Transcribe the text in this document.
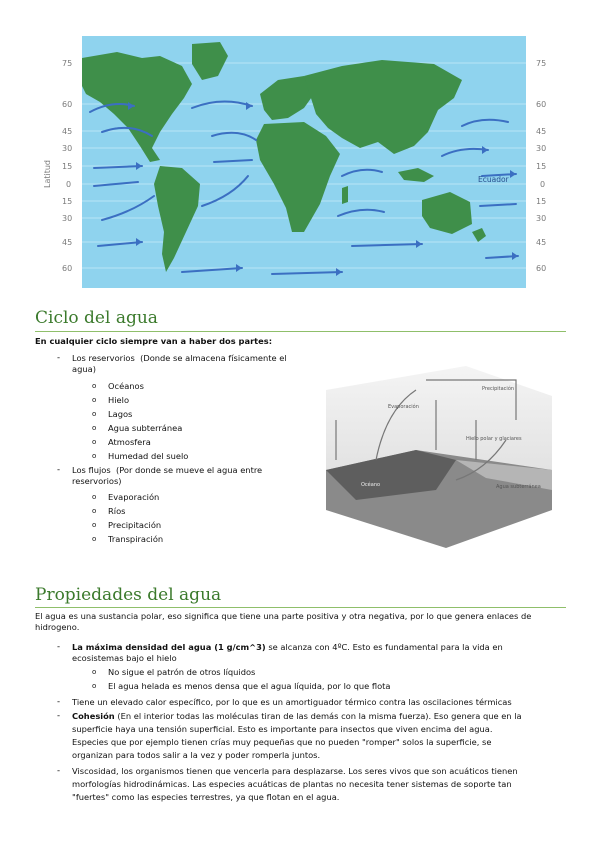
75
60
45
30
15
0
15
30
45
60
75
60
45
30
15
0
15
30
45
60
Latitud	Ecuador
Ciclo del agua
En cualquier ciclo siempre van a haber dos partes:
- Los reservorios (Donde se almacena físicamente el agua)
o Océanos
o Hielo
o Lagos
o Agua subterránea
o Atmosfera
o Humedad del suelo
- Los flujos (Por donde se mueve el agua entre reservorios)
o Evaporación
o Ríos
o Precipitación
o Transpiración
Océano
Evaporación
Precipitación
Agua subterránea
Hielo polar y glaciares
Propiedades del agua
El agua es una sustancia polar, eso significa que tiene una parte positiva y otra negativa, por lo que genera enlaces de
hidrogeno.
- La máxima densidad del agua (1 g/cm^3) se alcanza con 4ºC. Esto es fundamental para la vida en
ecosistemas bajo el hielo
o No sigue el patrón de otros líquidos
o El agua helada es menos densa que el agua líquida, por lo que flota
- Tiene un elevado calor específico, por lo que es un amortiguador térmico contra las oscilaciones térmicas
- Cohesión (En el interior todas las moléculas tiran de las demás con la misma fuerza). Eso genera que en la
superficie haya una tensión superficial. Esto es importante para insectos que viven encima del agua.
Especies que por ejemplo tienen crías muy pequeñas que no pueden "romper" solos la superficie, se
organizan para todos salir a la vez y poder romperla juntos.
- Viscosidad, los organismos tienen que vencerla para desplazarse. Los seres vivos que son acuáticos tienen
morfologías hidrodinámicas. Las especies acuáticas de plantas no necesita tener sistemas de soporte tan
"fuertes" como las especies terrestres, ya que flotan en el agua.
